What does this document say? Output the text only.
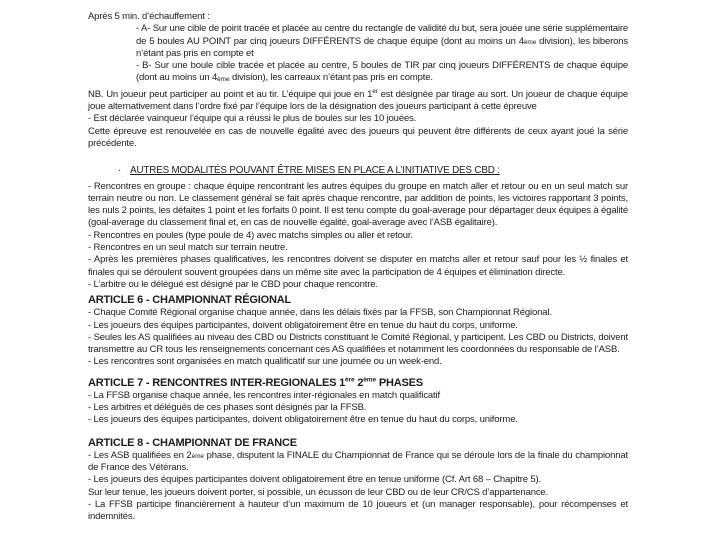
Après 5 min. d’échauffement :
- A- Sur une cible de point tracée et placée au centre du rectangle de validité du but, sera jouée une série supplémentaire de 5 boules AU POINT par cinq joueurs DIFFÉRENTS de chaque équipe (dont au moins un 4ème division), les biberons n’étant pas pris en compte et
- B- Sur une boule cible tracée et placée au centre, 5 boules de TIR par cinq joueurs DIFFÉRENTS de chaque équipe (dont au moins un 4ème division), les carreaux n’étant pas pris en compte.
NB. Un joueur peut participer au point et au tir. L’équipe qui joue en 1er est désignée par tirage au sort. Un joueur de chaque équipe joue alternativement dans l’ordre fixé par l’équipe lors de la désignation des joueurs participant à cette épreuve
- Est déclarée vainqueur l’équipe qui a réussi le plus de boules sur les 10 jouées.
Cette épreuve est renouvelée en cas de nouvelle égalité avec des joueurs qui peuvent être différents de ceux ayant joué la série précédente.
· AUTRES MODALITÉS POUVANT ÊTRE MISES EN PLACE A L’INITIATIVE DES CBD :
- Rencontres en groupe : chaque équipe rencontrant les autres équipes du groupe en match aller et retour ou en un seul match sur terrain neutre ou non. Le classement général se fait après chaque rencontre, par addition de points, les victoires rapportant 3 points, les nuls 2 points, les défaites 1 point et les forfaits 0 point. Il est tenu compte du goal-average pour départager deux équipes à égalité (goal-average du classement final et, en cas de nouvelle égalité, goal-average avec l’ASB égalitaire).
- Rencontres en poules (type poule de 4) avec matchs simples ou aller et retour.
- Rencontres en un seul match sur terrain neutre.
- Après les premières phases qualificatives, les rencontres doivent se disputer en matchs aller et retour sauf pour les ½ finales et finales qui se déroulent souvent groupées dans un même site avec la participation de 4 équipes et élimination directe.
- L’arbitre ou le délégué est désigné par le CBD pour chaque rencontre.
ARTICLE 6 - CHAMPIONNAT RÉGIONAL
- Chaque Comité Régional organise chaque année, dans les délais fixés par la FFSB, son Championnat Régional.
- Les joueurs des équipes participantes, doivent obligatoirement être en tenue du haut du corps, uniforme.
- Seules les AS qualifiées au niveau des CBD ou Districts constituant le Comité Régional, y participent. Les CBD ou Districts, doivent transmettre au CR tous les renseignements concernant ces AS qualifiées et notamment les coordonnées du responsable de l’ASB.
- Les rencontres sont organisées en match qualificatif sur une journée ou un week-end.
ARTICLE 7 - RENCONTRES INTER-REGIONALES 1ère 2ème PHASES
- La FFSB organise chaque année, les rencontres inter-régionales en match qualificatif
- Les arbitres et délégués de ces phases sont désignés par la FFSB.
- Les joueurs des équipes participantes, doivent obligatoirement être en tenue du haut du corps, uniforme.
ARTICLE 8 - CHAMPIONNAT DE FRANCE
- Les ASB qualifiées en 2ème phase, disputent la FINALE du Championnat de France qui se déroule lors de la finale du championnat de France des Vétérans.
- Les joueurs des équipes participantes doivent obligatoirement être en tenue uniforme (Cf. Art 68 – Chapitre 5).
Sur leur tenue, les joueurs doivent porter, si possible, un écusson de leur CBD ou de leur CR/CS d’appartenance.
- La FFSB participe financièrement à hauteur d’un maximum de 10 joueurs et (un manager responsable), pour récompenses et indemnités.
